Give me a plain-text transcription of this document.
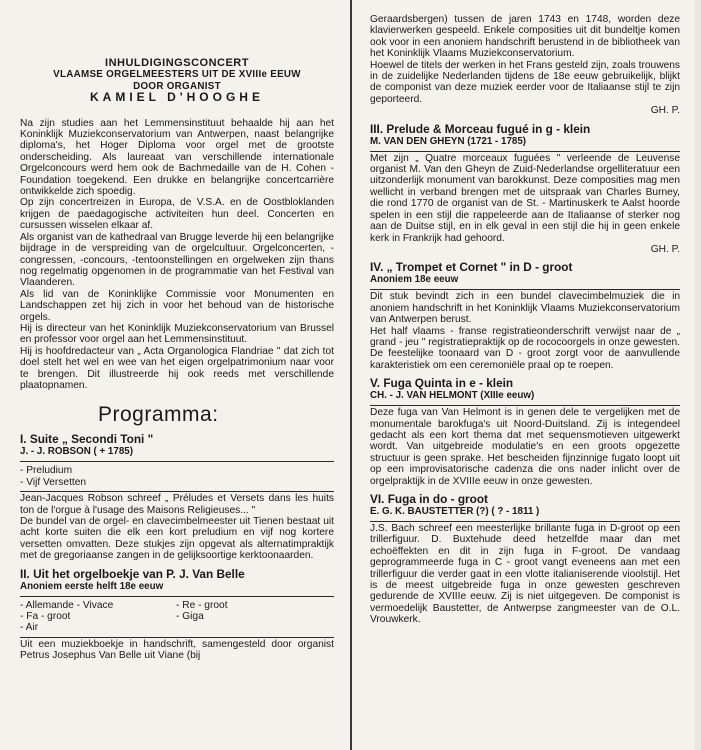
INHULDIGINGSCONCERT
VLAAMSE ORGELMEESTERS UIT DE XVIIIe EEUW
DOOR ORGANIST
KAMIEL D'HOOGHE

Na zijn studies aan het Lemmensinstituut behaalde hij aan het Koninklijk Muziekconservatorium van Antwerpen, naast belangrijke diploma's, het Hoger Diploma voor orgel met de grootste onderscheiding. Als laureaat van verschillende internationale Orgelconcours werd hem ook de Bachmedaille van de H. Cohen - Foundation toegekend. Een drukke en belangrijke concertcarrière ontwikkelde zich spoedig.

Op zijn concertreizen in Europa, de V.S.A. en de Oostbloklanden krijgen de paedagogische activiteiten hun deel. Concerten en cursussen wisselen elkaar af.

Als organist van de kathedraal van Brugge leverde hij een belangrijke bijdrage in de verspreiding van de orgelcultuur. Orgelconcerten, -congressen, -concours, -tentoonstellingen en orgelweken zijn thans nog regelmatig opgenomen in de programmatie van het Festival van Vlaanderen.

Als lid van de Koninklijke Commissie voor Monumenten en Landschappen zet hij zich in voor het behoud van de historische orgels.

Hij is directeur van het Koninklijk Muziekconservatorium van Brussel en professor voor orgel aan het Lemmensinstituut.

Hij is hoofdredacteur van „ Acta Organologica Flandriae " dat zich tot doel stelt het wel en wee van het eigen orgelpatrimonium naar voor te brengen. Dit illustreerde hij ook reeds met verschillende plaatopnamen.

Programma:
I. Suite „ Secondi Toni "
J. - J. ROBSON ( + 1785)
- Preludium
- Vijf Versetten

Jean-Jacques Robson schreef „ Préludes et Versets dans les huits ton de l'orgue à l'usage des Maisons Religieuses... "

De bundel van de orgel- en clavecimbelmeester uit Tienen bestaat uit acht korte suiten die elk een kort preludium en vijf nog kortere versetten omvatten. Deze stukjes zijn opgevat als alternatimpraktijk met de gregoriaanse zangen in de gelijksoortige kerktoonaarden.

II. Uit het orgelboekje van P. J. Van Belle
Anoniem eerste helft 18e eeuw
- Allemande - Vivace
- Fa - groot
- Air
- Re - groot
- Giga

Uit een muziekboekje in handschrift, samengesteld door organist Petrus Josephus Van Belle uit Viane (bij

Geraardsbergen) tussen de jaren 1743 en 1748, worden deze klavierwerken gespeeld. Enkele composities uit dit bundeltje komen ook voor in een anoniem handschrift berustend in de bibliotheek van het Koninklijk Vlaams Muziekconservatorium.

Hoewel de titels der werken in het Frans gesteld zijn, zoals trouwens in de zuidelijke Nederlanden tijdens de 18e eeuw gebruikelijk, blijkt de componist van deze muziek eerder voor de Italiaanse stijl te zijn geporteerd.

GH. P.
III. Prelude & Morceau fugué in g - klein
M. VAN DEN GHEYN (1721 - 1785)

Met zijn „ Quatre morceaux fuguées " verleende de Leuvense organist M. Van den Gheyn de Zuid-Nederlandse orgelliteratuur een uitzonderlijk monument van barokkunst. Deze composities mag men wellicht in verband brengen met de uitspraak van Charles Burney, die rond 1770 de organist van de St. - Martinuskerk te Aalst hoorde spelen in een stijl die rappeleerde aan de Italiaanse of sterker nog aan de Duitse stijl, en in elk geval in een stijl die hij in geen enkele kerk in Frankrijk had gehoord.

GH. P.
IV. „ Trompet et Cornet " in D - groot
Anoniem 18e eeuw

Dit stuk bevindt zich in een bundel clavecimbelmuziek die in anoniem handschrift in het Koninklijk Vlaams Muziekconservatorium van Antwerpen berust.

Het half vlaams - franse registratieonderschrift verwijst naar de „ grand - jeu " registratiepraktijk op de rococoorgels in onze gewesten. De feestelijke toonaard van D - groot zorgt voor de aanvullende karakteristiek om een ceremoniële praal op te roepen.

V. Fuga Quinta in e - klein
CH. - J. VAN HELMONT (XIIIe eeuw)

Deze fuga van Van Helmont is in genen dele te vergelijken met de monumentale barokfuga's uit Noord-Duitsland. Zij is integendeel gedacht als een kort thema dat met sequensmotieven uitgewerkt wordt. Van uitgebreide modulatie's en een groots opgezette structuur is geen sprake. Het bescheiden fijnzinnige fugato loopt uit op een improvisatorische cadenza die ons nader inlicht over de orgelpraktijk in de XVIIIe eeuw in onze gewesten.

VI. Fuga in do - groot
E. G. K. BAUSTETTER (?) ( ? - 1811 )

J.S. Bach schreef een meesterlijke brillante fuga in D-groot op een trillerfiguur. D. Buxtehude deed hetzelfde maar dan met echoëffekten en dit in zijn fuga in F-groot. De vandaag geprogrammeerde fuga in C - groot vangt eveneens aan met een trillerfiguur die verder gaat in een vlotte italianiserende vioolstijl. Het is de meest uitgebreide fuga in onze gewesten geschreven gedurende de XVIIIe eeuw. Zij is niet uitgegeven. De componist is vermoedelijk Baustetter, de Antwerpse zangmeester van de O.L. Vrouwkerk.
